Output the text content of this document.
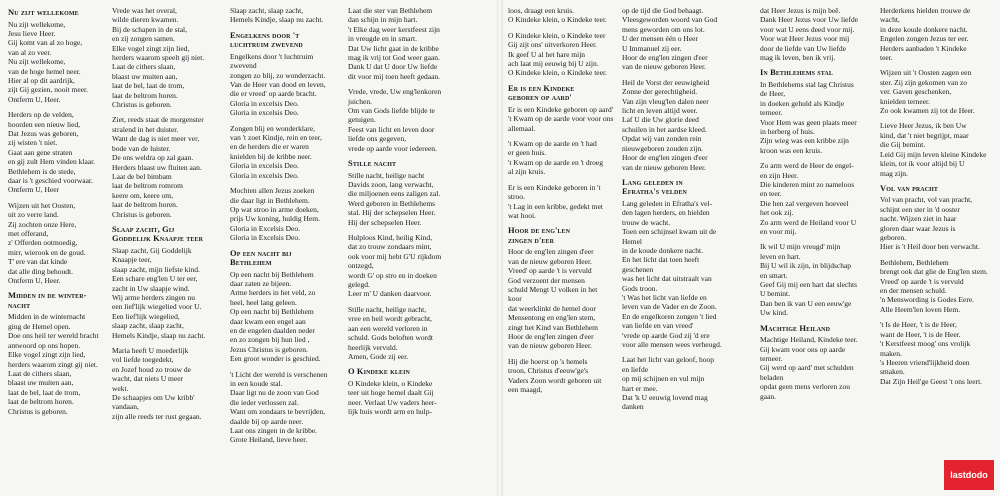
Nu zijt wellekome

Nu zijt wellekome,
Jesu lieve Heer.
Gij komt van al zo hoge,
van al zo veer.
Nu zijt wellekome,
van de hoge hemel neer.
Hier al op dit aardrijk,
zijt Gij gezien, nooit meer.
Ontferm U, Heer.

Herders op de velden,
hoorden een nieuw lied,
Dat Jezus was geboren,
zij wisten 't niet.
Gaat aan gene straten
en gij zult Hem vinden klaar.
Bethlehem is de stede,
daar is 't geschied voorwaar.
Ontferm U, Heer

Wijzen uit het Oosten,
uit zo verre land.
Zij zochten onze Here,
met offerand,
z' Offerden ootmoedig,
mirr, wierook en de goud.
T' ere van dat kinde
dat alle ding behoudt.
Ontferm U, Heer.

Midden in de winter-
nacht

Midden in de winternacht
ging de Hemel open.
Doe ons heil ter wereld bracht
antwoord op ons hopen.
Elke vogel zingt zijn lied,
herders waarom zingt gij niet.
Laat de cithers slaan,
blaast uw muiten aan,
laat de bel, laat de trom,
laat de beltrom horen.
Christus is geboren.

Vrede was het overal,
wilde dieren kwamen.
Bij de schapen in de stal,
en zij zongen samen.
Elke vogel zingt zijn lied,
herders waarom speelt gij niet.
Laat de cithers slaan,
blaast uw muiten aan,
laat de bel, laat de trom,
laat de beltrom horen.
Christus is geboren.

Ziet, reeds staat de morgenster
stralend in het duister.
Want de dag is niet meer ver,
bode van de luister.
De ons weldra op zal gaan.
Herders blaast uw fluiten aan.
Laat de bel bimbam
laat de beltrom romrom
keere om, keere om,
laat de beltrom horen.
Christus is geboren.

Slaap zacht, Gij
Goddelijk Knaapje teer

Slaap zacht, Gij Goddelijk
Knaapje teer,
slaap zacht, mijn liefste kind.
Een schare eng'len U ter eer,
zacht in Uw slaapje wind.
Wij arme herders zingen nu
een lief'lijk wiegelied voor U.
Een lief'lijk wiegelied,
slaap zacht, slaap zacht,
Hemels Kindje, slaap nu zacht.

Maria heeft U moederlijk
vol liefde toegedekt,
en Jozef houd zo trouw de
wacht, dat niets U meer
wekt.
De schaapjes om Uw kribb'
vandaan,
zijn alle reeds ter rust gegaan.

Slaap zacht, slaap zacht,
Hemels Kindje, slaap nu zacht.

Engelkens door 't
luchtruim zwevend

Engelkens door 't luchtruim
zwevend
zongen zo blij, zo wonderzacht.
Van de Heer van dood en leven,
die er vreed' op aarde bracht.
Gloria in excelsis Deo.
Gloria in excelsis Deo.

Zongen blij en wonderklare,
van 't zoet Kindje, rein en teer,
en de herders die er waren
knielden bij de kribbe neer.
Gloria in excelsis Deo.
Gloria in excelsis Deo.

Mochten allen Jezus zoeken
die daar ligt in Bethlehem.
Op wat stroo in arme doeken,
prijs Uw koning, huldig Hem.
Gloria in Excelsis Deo.
Gloria in Excelsis Deo.

Op een nacht bij
Bethlehem

Op een nacht bij Bethlehem
daar zaten ze bijeen.
Arme herders in het veld, zo
heel, heel lang geleen.
Op een nacht bij Bethlehem
daar kwam een engel aan
en de engelen daalden neder
en zo zongen bij hun lied ,
Jezus Christus is geboren.
Een groot wonder is geschied.

't Licht der wereld is verschenen
in een koude stal.
Daar ligt nu de zoon van God
die ieder verlossen zal.
Want om zondaars te bevrijden,
daalde bij op aarde neer.
Laat ons zingen in de kribbe.
Grote Heiland, lieve heer.

Laat die ster van Bethlehem
dan schijn in mijn hart.
't Elke dag weer kerstfeest zijn
in vreugde en in smart.
Dat Uw licht gaat in de kribbe
mag ik vrij tot God weer gaan.
Dank U dat U door Uw liefde
dit voor mij toen heeft gedaan.

Vrede, vrede, Uw eng'lenkoren
juichen.
Om van Gods liefde blijde te
getuigen.
Feest van licht en leven door
liefde ons gegeven,
vrede op aarde voor iedereen.

Stille nacht

Stille nacht, heilige nacht
Davids zoon, lang verwacht,
die miljoenen eens zaligen zal.
Werd geboren in Bethlehems
stal. Hij der schepselen Heer.
Hij der schepselen Heer.

Hulploos Kind, heilig Kind,
dat zo trouw zondaars mint,
ook voor mij hebt G'U rijkdom
ontzegd,
wordt G' op stro en in doeken
gelegd.
Leer m' U danken daarvoor.

Stille nacht, heilige nacht,
vree en heil wordt gebracht,
aan een wereld verloren in
schuld. Gods beloften wordt
heerlijk vervuld.
Amen, Gode zij eer.

O Kindeke klein

O Kindeke klein, o Kindeke
teer uit hoge hemel daalt Gij
neer. Verlaat Uw vaders heer-
lijk huis wordt arm en hulp-

loos, draagt een kruis.
O Kindeke klein, o Kindeke teer.

O Kindeke klein, o Kindeke teer
Gij zijt ons' uitverkoren Heer.
Ik geef U al het hare mijn
ach laat mij eeuwig bij U zijn.
O Kindeke klein, o Kindeke teer.

Er is een Kindeke
geboren op aard'

Er is een Kindeke geboren op aard'
't Kwam op de aarde voor voor ons
allemaal.

't Kwam op de aarde en 't had
er geen huis.
't Kwam op de aarde en 't droeg
al zijn kruis.

Er is een Kindeke geboren in 't
stroo.
't Lag in een kribbe, gedekt met
wat hooi.

Hoor de eng'len
zingen d'eer

Hoor de eng'len zingen d'eer
van de nieuw geboren Heer.
Vreed' op aarde 't is vervuld
God verzoent der mensen
schuld Mengt U volken in het
koor
dat weerklinkt de hemel door
Mensentong en eng'len stem,
zingt het Kind van Bethlehem
Hoor de eng'len zingen d'eer
van de nieuw geboren Heer.

Hij die hoerst op 's hemels
troon, Christus d'eeuw'ge's
Vaders Zoon wordt geboren uit
een maagd,

op de tijd die God behaagt.
Vleesgeworden woord van God
mens geworden om ons lot.
U der mensen één o Heer
U Immanuel zij eer.
Hoor de eng'len zingen d'eer
van de nieuw geboren Heer.

Heil de Vorst der eeuwigheid
Zonne der gerechtigheid.
Van zijn vleug'len dalen neer
licht en leven altijd weer.
Laf U die Uw glorie deed
schuilen in het aardse kleed.
Opdat wij van zonden rein
nieuwgeboren zouden zijn.
Hoor de eng'len zingen d'eer
van de nieuw geboren Heer.

Lang geleden in
Efratha's velden

Lang geleden in Efratha's vel-
den lagen herders, en hielden
trouw de wacht.
Toen een schijnsel kwam uit de
Hemel
in de koude donkere nacht.
En het licht dat toen heeft
geschenen
was het licht dat uitstraalt van
Gods troon.
't Was het licht van liefde en
leven van de Vader en de Zoon.
En de engelkoren zongen 't lied
van liefde en van vreed'
'vrede op aarde God zij 'd ere
voor alle mensen wees verheugd.

Laat het licht van geloof, hoop
en liefde
op mij schijnen en vul mijn
hart er mee.
Dat 'k U eeuwig lovend mag
danken

dat Heer Jezus is mijn beê.
Dank Heer Jezus voor Uw liefde
voor wat U eens deed voor mij.
Voor wat Heer Jezus voor mij
door de liefde van Uw liefde
mag ik leven, ben ik vrij.

In Bethlehems stal

In Bethlehems stal lag Christus
de Heer,
in doeken gehuld als Kindje
terneer.
Voor Hem was geen plaats meer
in herberg of huis.
Zijn wieg was een kribbe zijn
kroon was een kruis.

Zo arm werd de Heer de engel-
en zijn Heer.
Die kinderen mint zo nameloos
en teer.
Die hen zal vergeven hoeveel
het ook zij.
Zo arm werd de Heiland voor U
en voor mij.

Ik wil U mijn vreugd' mijn
leven en hart.
Bij U wil ik zijn, in blijdschap
en smart.
Geef Gij mij een hart dat slechts
U bemint.
Dan ben ik van U een eeuw'ge
Uw kind.

Machtige Heiland

Machtige Heiland, Kindeke teer.
Gij kwam voor ons op aarde
terneer.
Gij werd op aard' met schulden
beladen
opdat geen mens verloren zou
gaan.

Herderkens hielden trouwe de
wacht,
in deze koude donkere nacht.
Engelen zongen Jezus ter eer.
Herders aanbaden 't Kindeke
teer.

Wijzen uit 't Oosten zagen een
ster. Zij zijn gekomen van zo
ver. Gaven geschenken,
knielden terneer.
Zo ook kwamen zij tot de Heer.

Lieve Heer Jezus, ik ben Uw
kind, dat 't niet begrijpt, maar
die Gij bemint.
Leid Gij mijn leven kleine Kindeke
klein, tot ik voor altijd bij U
mag zijn.

Vol van pracht

Vol van pracht, vol van pracht,
schijnt een ster in 'd ooster
nacht. Wijzen ziet in haar
gloren daar waar Jezus is
geboren.
Hier is 't Heil door ben verwacht.

Bethlehem, Bethlehem
brengt ook dat glie de Eng'len stem.
Vreed' op aarde 't is vervuld
en der mensen schuld.
'n Menswording is Godes Eere.
Alle Heem'len loven Hem.

't Is de Heer, 't is de Heer,
want de Heer, 't is de Heer.
't Kerstfeest moog' ons vrolijk
maken.
's Heeren vriend'lijkheid doen
smaken.
Dat Zijn Heil'ge Geest 't ons leert.

lastdodo
